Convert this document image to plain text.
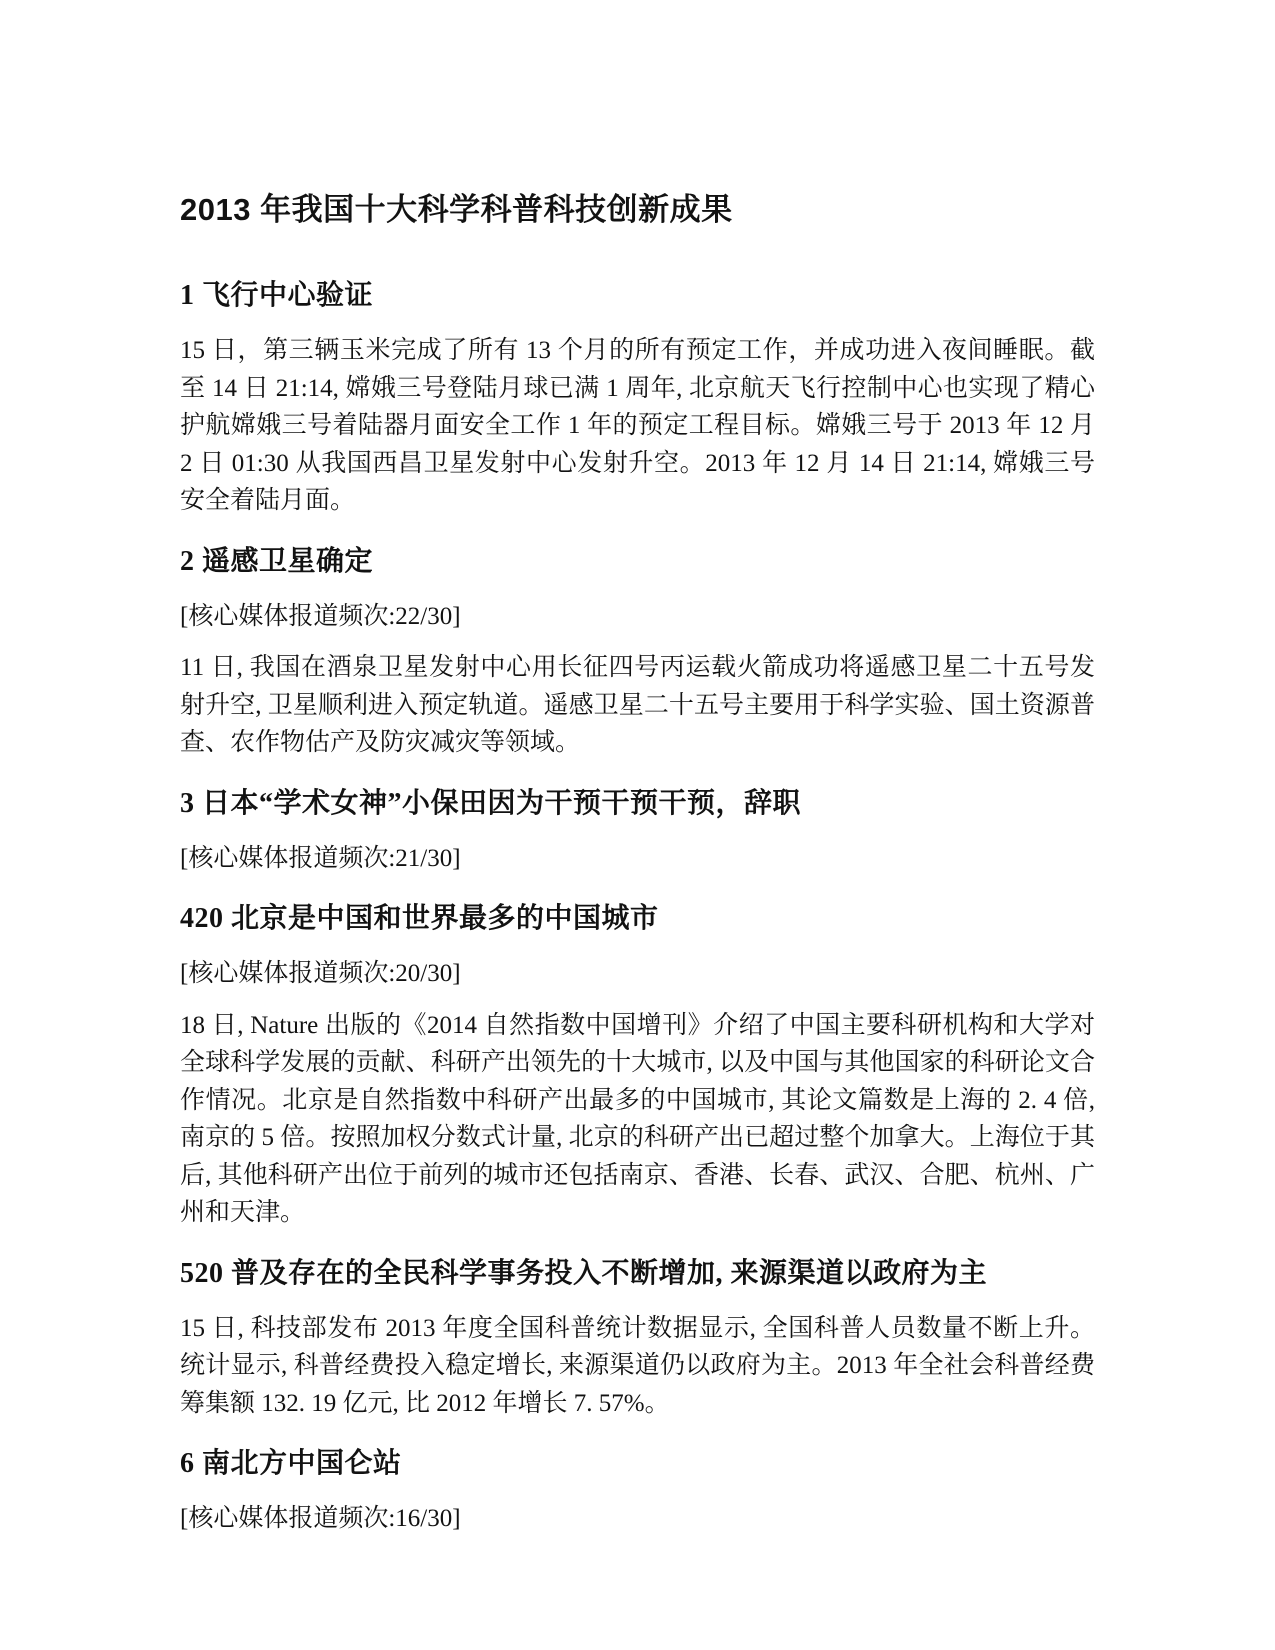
2013 年我国十大科学科普科技创新成果
1 飞行中心验证

15 日，第三辆玉米完成了所有 13 个月的所有预定工作，并成功进入夜间睡眠。截至 14 日 21:14, 嫦娥三号登陆月球已满 1 周年, 北京航天飞行控制中心也实现了精心护航嫦娥三号着陆器月面安全工作 1 年的预定工程目标。嫦娥三号于 2013 年 12 月 2 日 01:30 从我国西昌卫星发射中心发射升空。2013 年 12 月 14 日 21:14, 嫦娥三号安全着陆月面。

2 遥感卫星确定

[核心媒体报道频次:22/30]

11 日, 我国在酒泉卫星发射中心用长征四号丙运载火箭成功将遥感卫星二十五号发射升空, 卫星顺利进入预定轨道。遥感卫星二十五号主要用于科学实验、国土资源普查、农作物估产及防灾减灾等领域。

3 日本“学术女神”小保田因为干预干预干预，辞职

[核心媒体报道频次:21/30]

420 北京是中国和世界最多的中国城市

[核心媒体报道频次:20/30]

18 日, Nature 出版的《2014 自然指数中国增刊》介绍了中国主要科研机构和大学对全球科学发展的贡献、科研产出领先的十大城市, 以及中国与其他国家的科研论文合作情况。北京是自然指数中科研产出最多的中国城市, 其论文篇数是上海的 2. 4 倍, 南京的 5 倍。按照加权分数式计量, 北京的科研产出已超过整个加拿大。上海位于其后, 其他科研产出位于前列的城市还包括南京、香港、长春、武汉、合肥、杭州、广州和天津。

520 普及存在的全民科学事务投入不断增加, 来源渠道以政府为主

15 日, 科技部发布 2013 年度全国科普统计数据显示, 全国科普人员数量不断上升。统计显示, 科普经费投入稳定增长, 来源渠道仍以政府为主。2013 年全社会科普经费筹集额 132. 19 亿元, 比 2012 年增长 7. 57%。

6 南北方中国仑站

[核心媒体报道频次:16/30]
